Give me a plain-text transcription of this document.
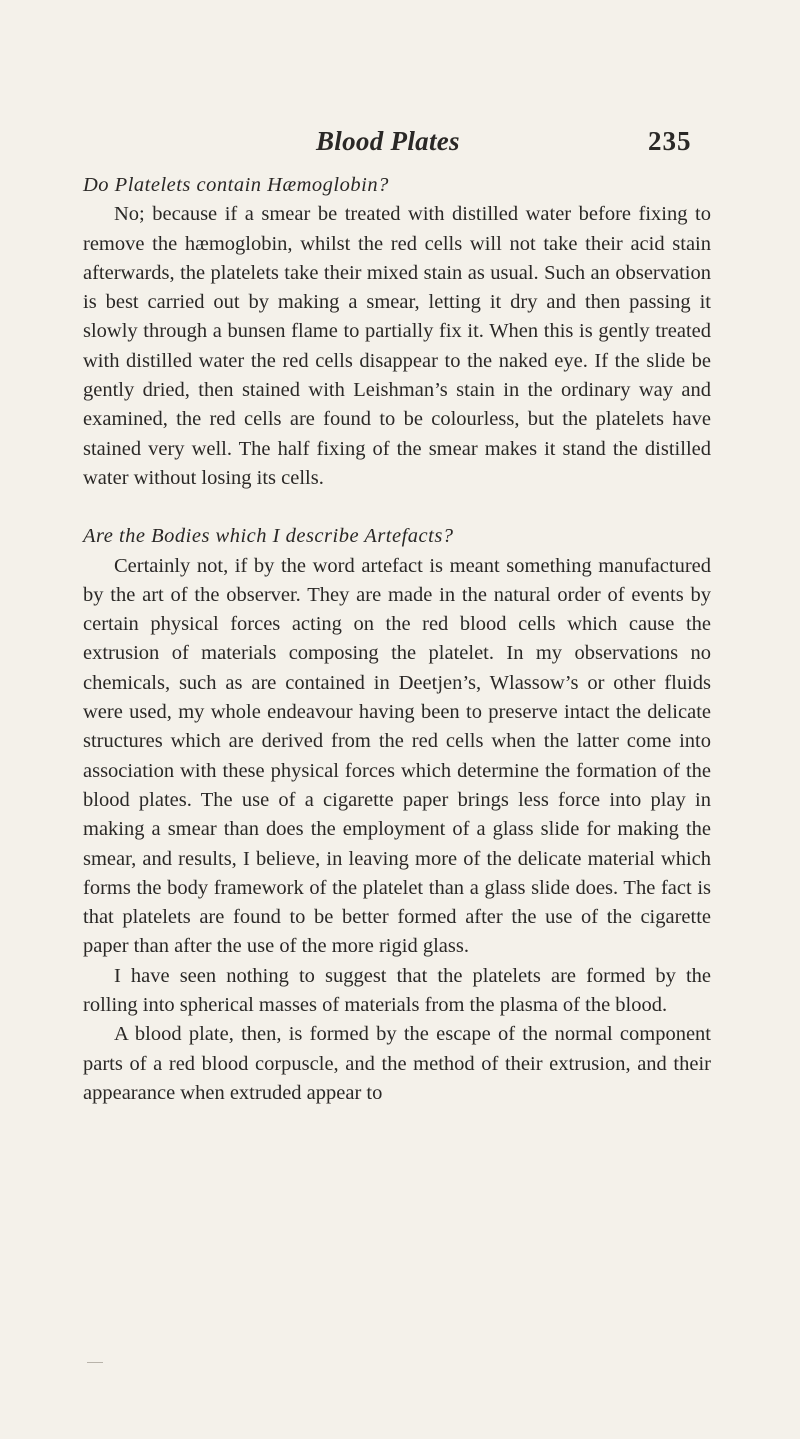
Blood Plates	235

Do Platelets contain Hæmoglobin?

No; because if a smear be treated with distilled water before fixing to remove the hæmoglobin, whilst the red cells will not take their acid stain afterwards, the platelets take their mixed stain as usual. Such an observation is best carried out by making a smear, letting it dry and then passing it slowly through a bunsen flame to partially fix it. When this is gently treated with distilled water the red cells disappear to the naked eye. If the slide be gently dried, then stained with Leishman’s stain in the ordinary way and examined, the red cells are found to be colourless, but the platelets have stained very well. The half fixing of the smear makes it stand the distilled water without losing its cells.

Are the Bodies which I describe Artefacts?

Certainly not, if by the word artefact is meant something manufactured by the art of the observer. They are made in the natural order of events by certain physical forces acting on the red blood cells which cause the extrusion of materials composing the platelet. In my observations no chemicals, such as are contained in Deetjen’s, Wlassow’s or other fluids were used, my whole endeavour having been to preserve intact the delicate structures which are derived from the red cells when the latter come into association with these physical forces which determine the formation of the blood plates. The use of a cigarette paper brings less force into play in making a smear than does the employment of a glass slide for making the smear, and results, I believe, in leaving more of the delicate material which forms the body framework of the platelet than a glass slide does. The fact is that platelets are found to be better formed after the use of the cigarette paper than after the use of the more rigid glass.

I have seen nothing to suggest that the platelets are formed by the rolling into spherical masses of materials from the plasma of the blood.

A blood plate, then, is formed by the escape of the normal component parts of a red blood corpuscle, and the method of their extrusion, and their appearance when extruded appear to
